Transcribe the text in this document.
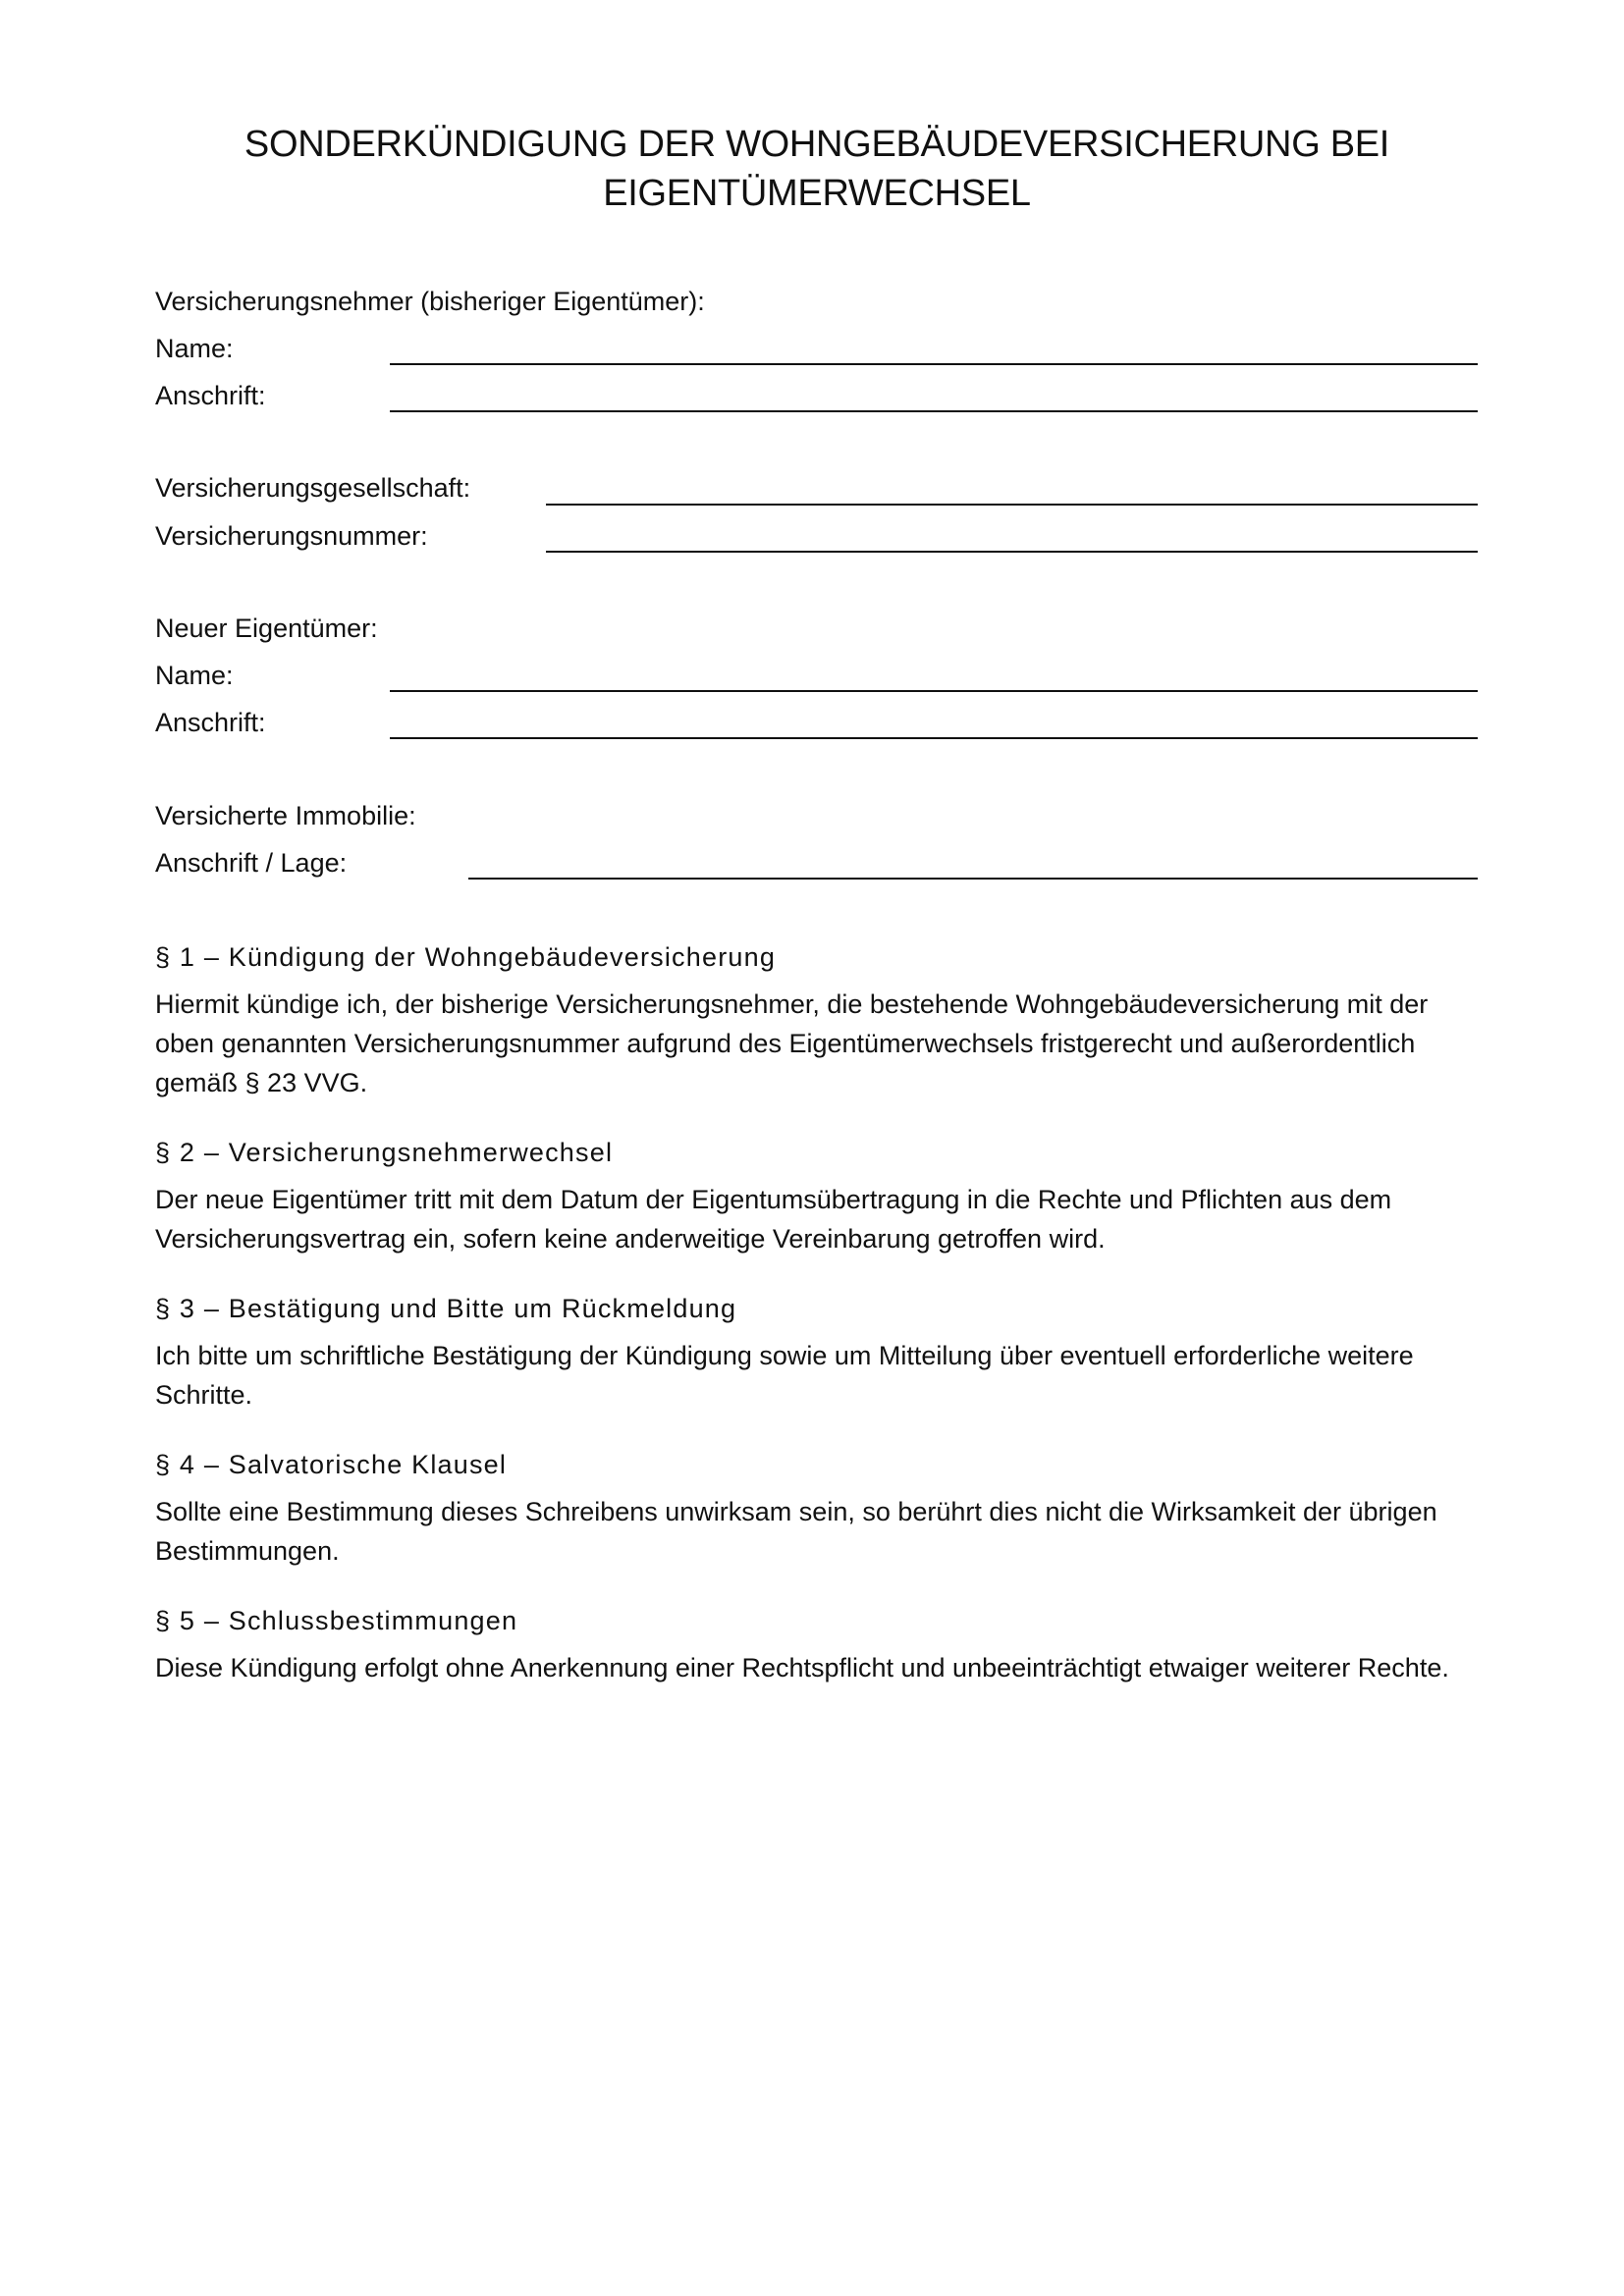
SONDERKÜNDIGUNG DER WOHNGEBÄUDEVERSICHERUNG BEI EIGENTÜMERWECHSEL
Versicherungsnehmer (bisheriger Eigentümer):
Name:
Anschrift:
Versicherungsgesellschaft:
Versicherungsnummer:
Neuer Eigentümer:
Name:
Anschrift:
Versicherte Immobilie:
Anschrift / Lage:
§ 1 – Kündigung der Wohngebäudeversicherung

Hiermit kündige ich, der bisherige Versicherungsnehmer, die bestehende Wohngebäudeversicherung mit der oben genannten Versicherungsnummer aufgrund des Eigentümerwechsels fristgerecht und außerordentlich gemäß § 23 VVG.

§ 2 – Versicherungsnehmerwechsel

Der neue Eigentümer tritt mit dem Datum der Eigentumsübertragung in die Rechte und Pflichten aus dem Versicherungsvertrag ein, sofern keine anderweitige Vereinbarung getroffen wird.

§ 3 – Bestätigung und Bitte um Rückmeldung

Ich bitte um schriftliche Bestätigung der Kündigung sowie um Mitteilung über eventuell erforderliche weitere Schritte.

§ 4 – Salvatorische Klausel

Sollte eine Bestimmung dieses Schreibens unwirksam sein, so berührt dies nicht die Wirksamkeit der übrigen Bestimmungen.

§ 5 – Schlussbestimmungen

Diese Kündigung erfolgt ohne Anerkennung einer Rechtspflicht und unbeeinträchtigt etwaiger weiterer Rechte.
